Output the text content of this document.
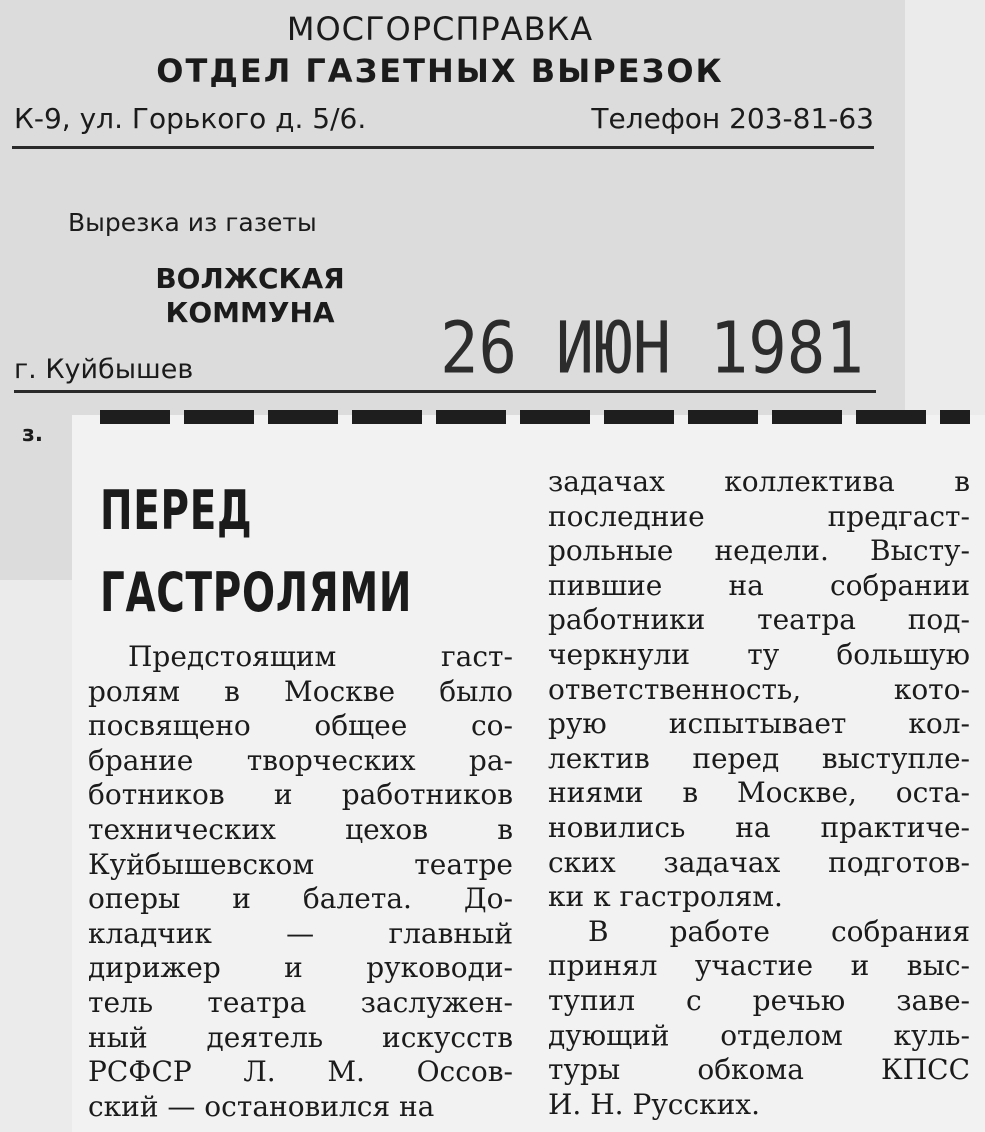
МОСГОРСПРАВКА
ОТДЕЛ ГАЗЕТНЫХ ВЫРЕЗОК
К-9, ул. Горького д. 5/6.	Телефон 203-81-63
Вырезка из газеты
ВОЛЖСКАЯ
КОММУНА	26 ИЮН 1981
г. Куйбышев
з.
ПЕРЕД
ГАСТРОЛЯМИ
Предстоящим гаст-
ролям в Москве было
посвящено общее со-
брание творческих ра-
ботников и работников
технических цехов в
Куйбышевском театре
оперы и балета. До-
кладчик — главный
дирижер и руководи-
тель театра заслужен-
ный деятель искусств
РСФСР Л. М. Оссов-
ский — остановился на
задачах коллектива в
последние предгаст-
рольные недели. Высту-
пившие на собрании
работники театра под-
черкнули ту большую
ответственность, кото-
рую испытывает кол-
лектив перед выступле-
ниями в Москве, оста-
новились на практиче-
ских задачах подготов-
ки к гастролям.
В работе собрания
принял участие и выс-
тупил с речью заве-
дующий отделом куль-
туры обкома КПСС
И. Н. Русских.
